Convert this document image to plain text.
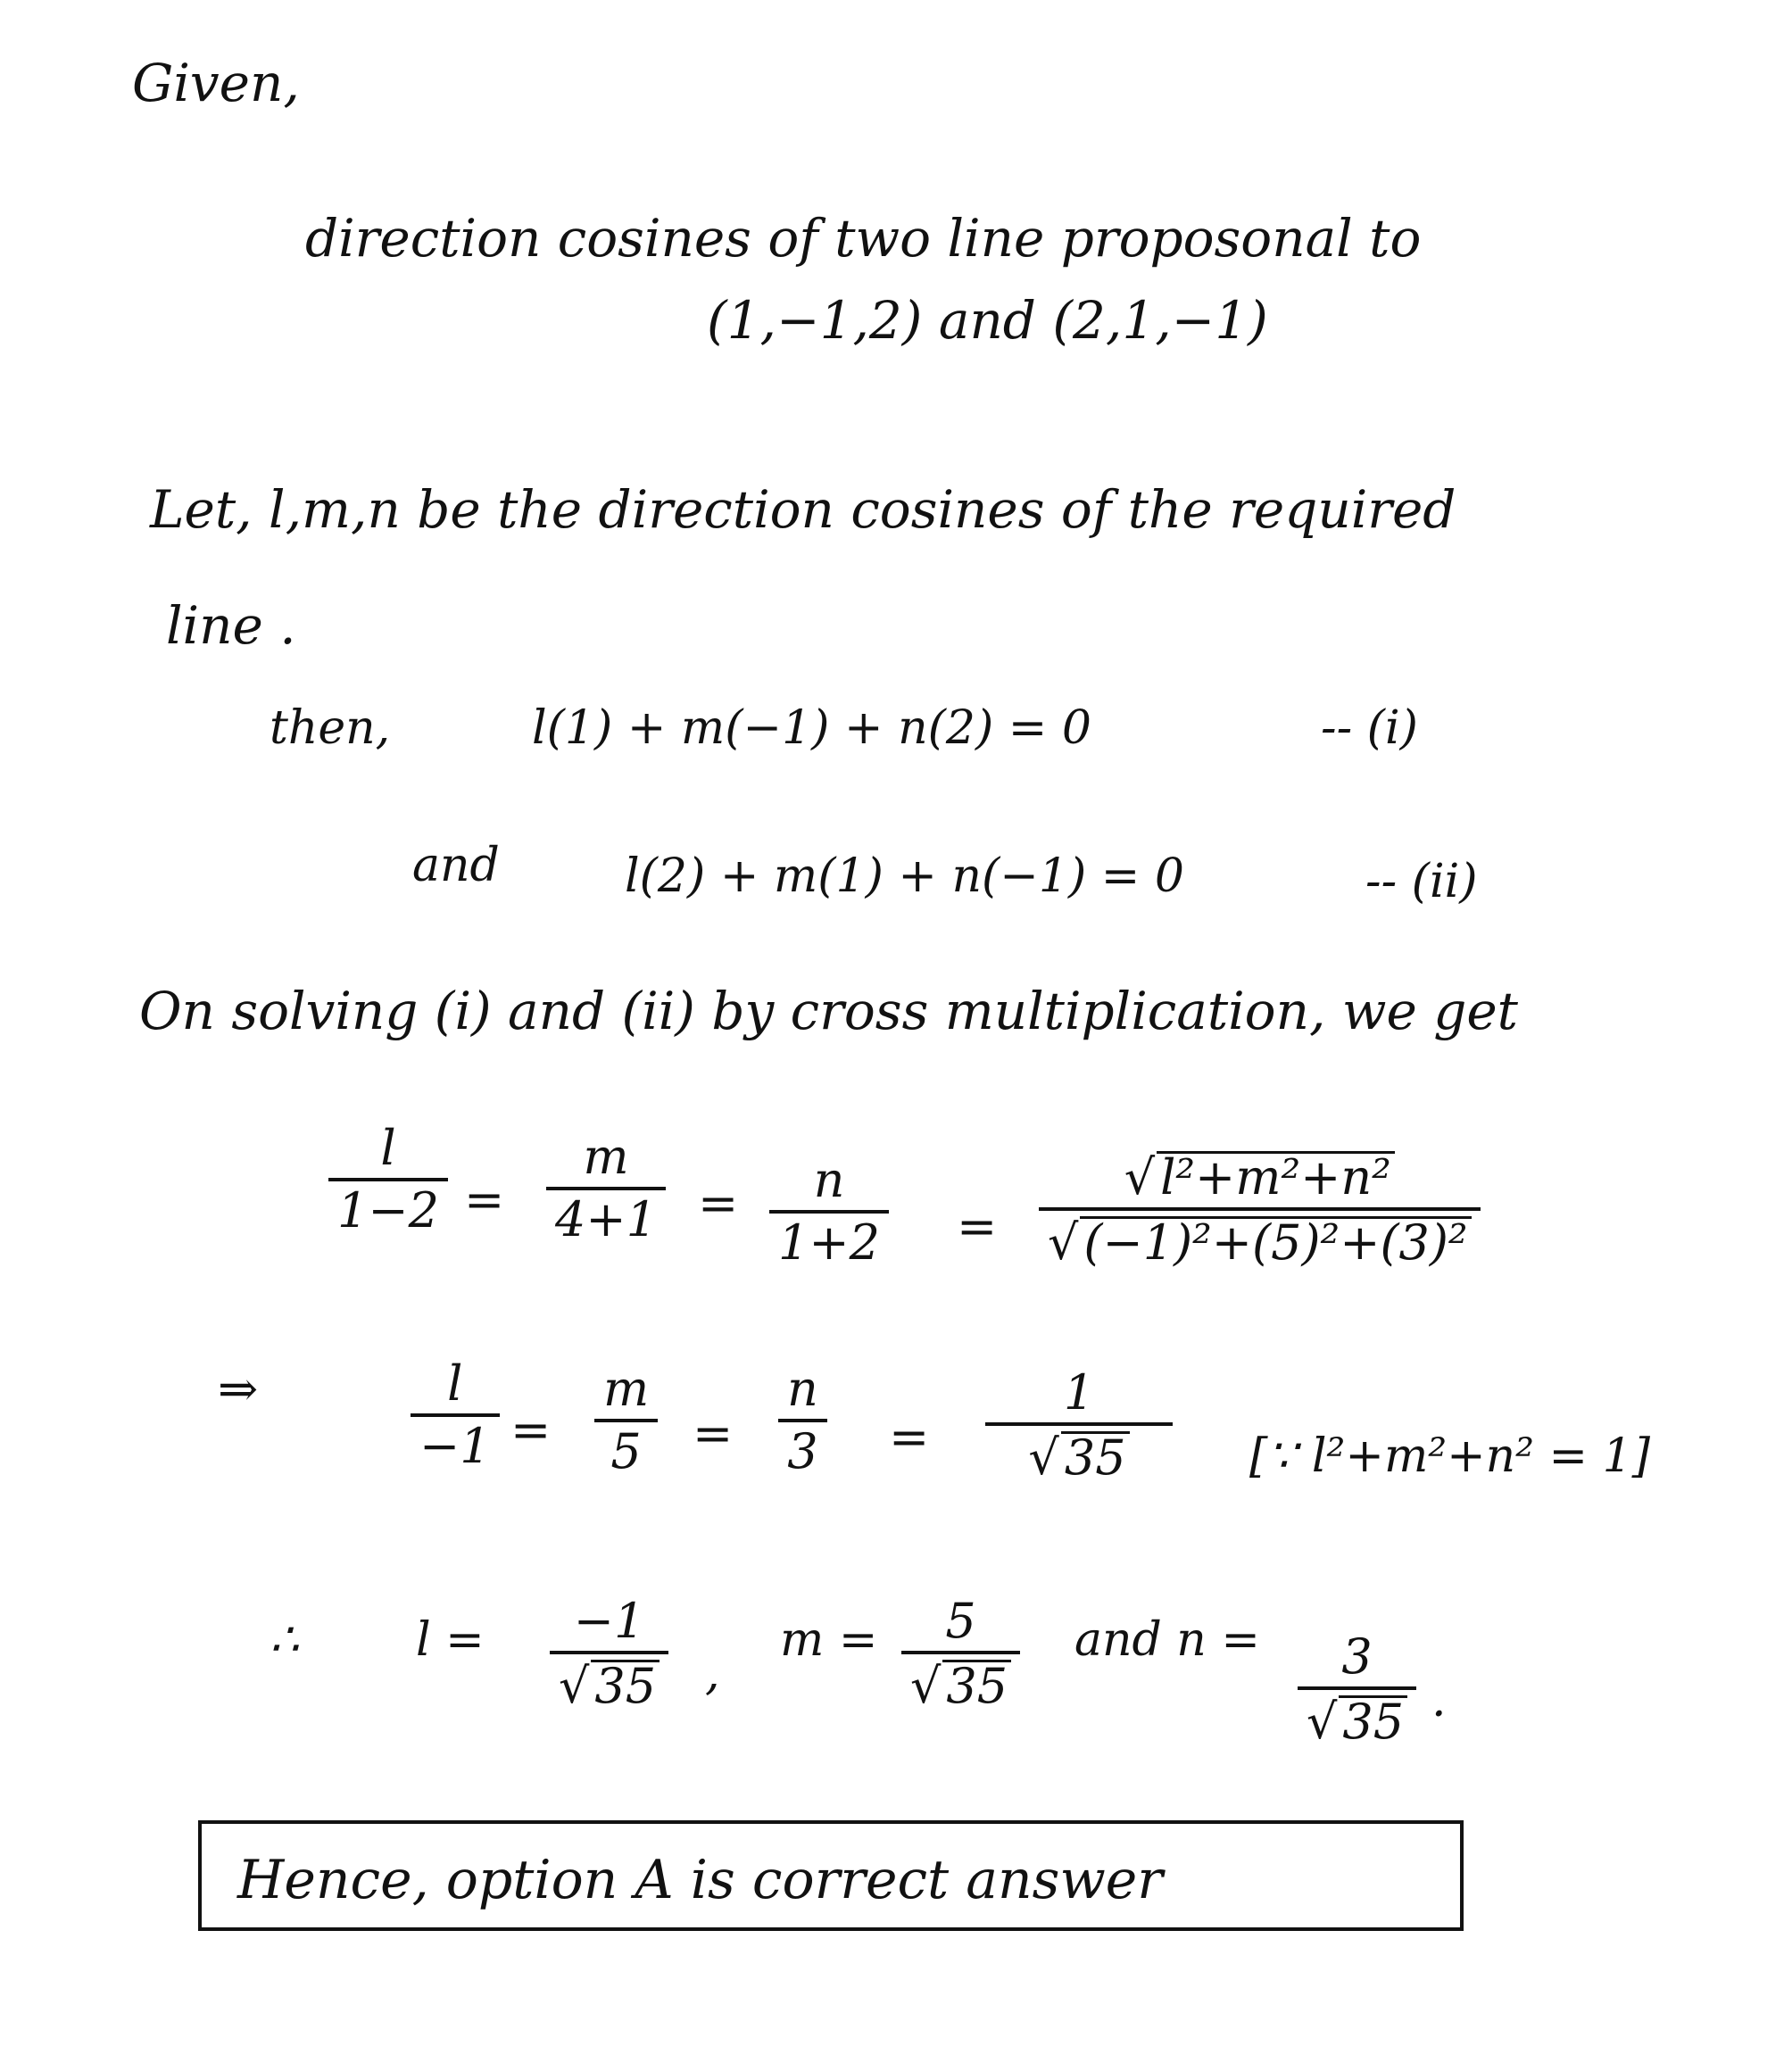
Given,
direction cosines of two line proposonal to
(1,−1,2) and (2,1,−1)
Let, l,m,n be the direction cosines of the required
line .
then,	l(1) + m(−1) + n(2) = 0	-- (i)
and	l(2) + m(1) + n(−1) = 0	-- (ii)
On solving (i) and (ii) by cross multiplication, we get
l
1−2 =
m
4+1 = n
1+2 =
√ l²+m²+n²
√ (−1)²+(5)²+(3)²
⇒	l
−1 =
m
5 =
n
3 =
1
√ 35	[∵ l²+m²+n² = 1]
∴	l = −1
√ 35 ,
m = 5
√ 35
and n = 3
√ 35 .
Hence, option A is correct answer
